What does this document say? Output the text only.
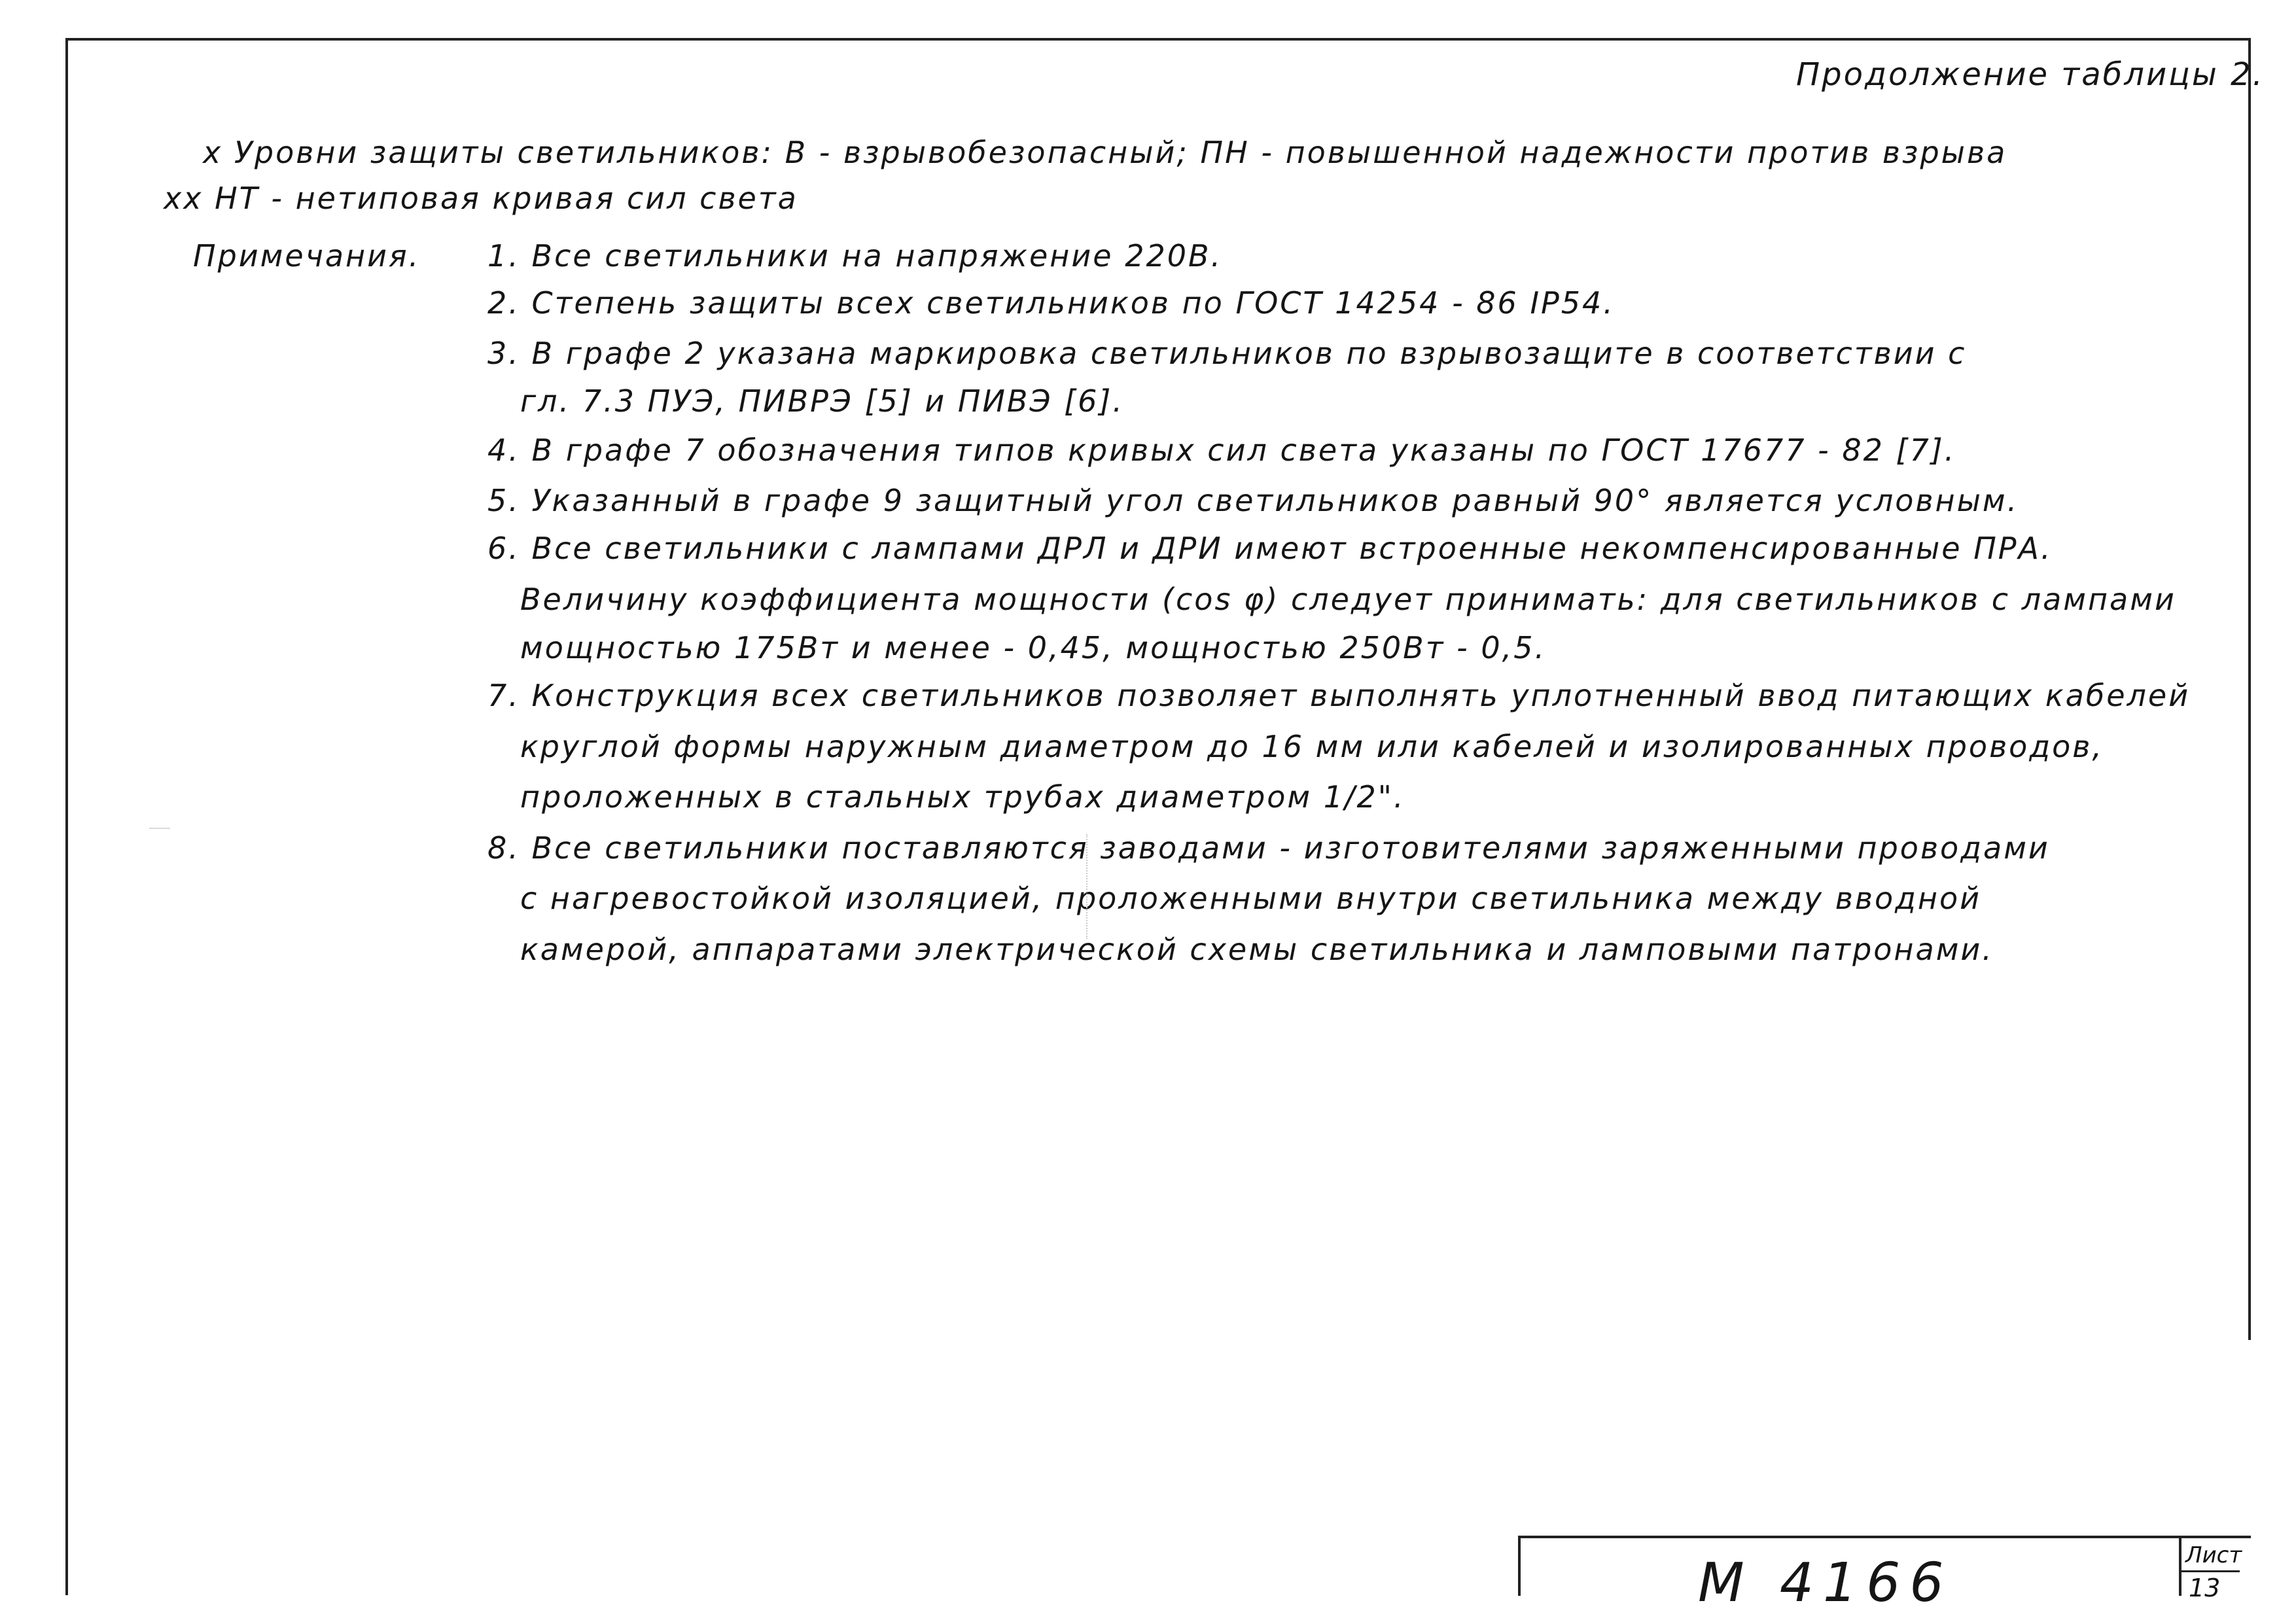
Продолжение таблицы 2.
х Уровни защиты светильников: В - взрывобезопасный; ПН - повышенной надежности против взрыва
хх НТ - нетиповая кривая сил света
Примечания. 1. Все светильники на напряжение 220В.
2. Степень защиты всех светильников по ГОСТ 14254 - 86 IP54.
3. В графе 2 указана маркировка светильников по взрывозащите в соответствии с
гл. 7.3 ПУЭ, ПИВРЭ [5] и ПИВЭ [6].
4. В графе 7 обозначения типов кривых сил света указаны по ГОСТ 17677 - 82 [7].
5. Указанный в графе 9 защитный угол светильников равный 90° является условным.
6. Все светильники с лампами ДРЛ и ДРИ имеют встроенные некомпенсированные ПРА.
Величину коэффициента мощности (cos φ) следует принимать: для светильников с лампами
мощностью 175Вт и менее - 0,45, мощностью 250Вт - 0,5.
7. Конструкция всех светильников позволяет выполнять уплотненный ввод питающих кабелей
круглой формы наружным диаметром до 16 мм или кабелей и изолированных проводов,
проложенных в стальных трубах диаметром 1/2".
8. Все светильники поставляются заводами - изготовителями заряженными проводами
с нагревостойкой изоляцией, проложенными внутри светильника между вводной
камерой, аппаратами электрической схемы светильника и ламповыми патронами.
М 4166	Лист
13
